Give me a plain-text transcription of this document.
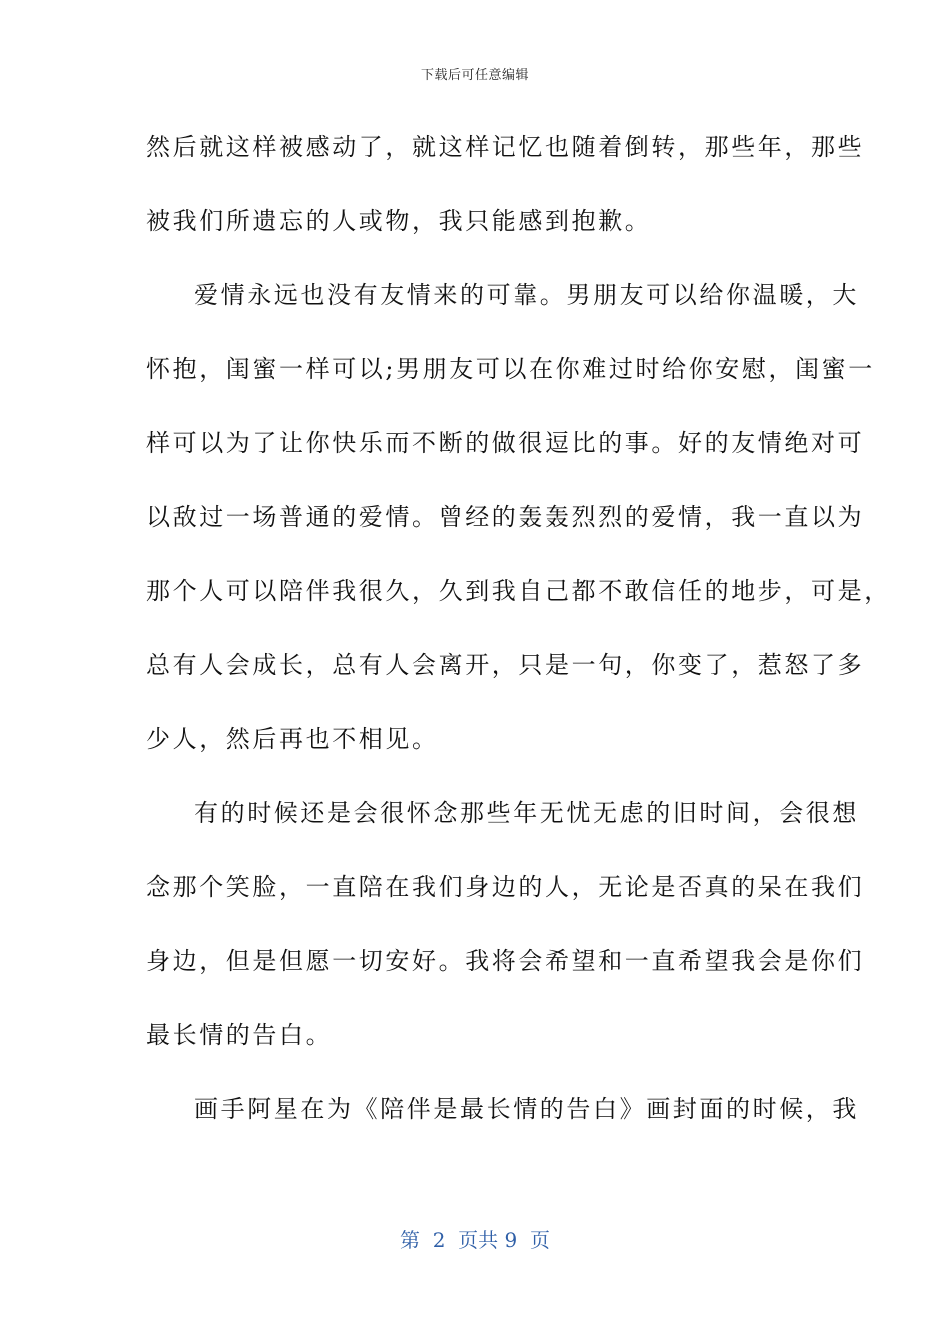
下载后可任意编辑
然后就这样被感动了，就这样记忆也随着倒转，那些年，那些
被我们所遗忘的人或物，我只能感到抱歉。
爱情永远也没有友情来的可靠。男朋友可以给你温暖，大
怀抱，闺蜜一样可以;男朋友可以在你难过时给你安慰，闺蜜一
样可以为了让你快乐而不断的做很逗比的事。好的友情绝对可
以敌过一场普通的爱情。曾经的轰轰烈烈的爱情，我一直以为
那个人可以陪伴我很久，久到我自己都不敢信任的地步，可是，
总有人会成长，总有人会离开，只是一句，你变了，惹怒了多
少人，然后再也不相见。
有的时候还是会很怀念那些年无忧无虑的旧时间，会很想
念那个笑脸，一直陪在我们身边的人，无论是否真的呆在我们
身边，但是但愿一切安好。我将会希望和一直希望我会是你们
最长情的告白。
画手阿星在为《陪伴是最长情的告白》画封面的时候，我
第  2  页共 9  页
